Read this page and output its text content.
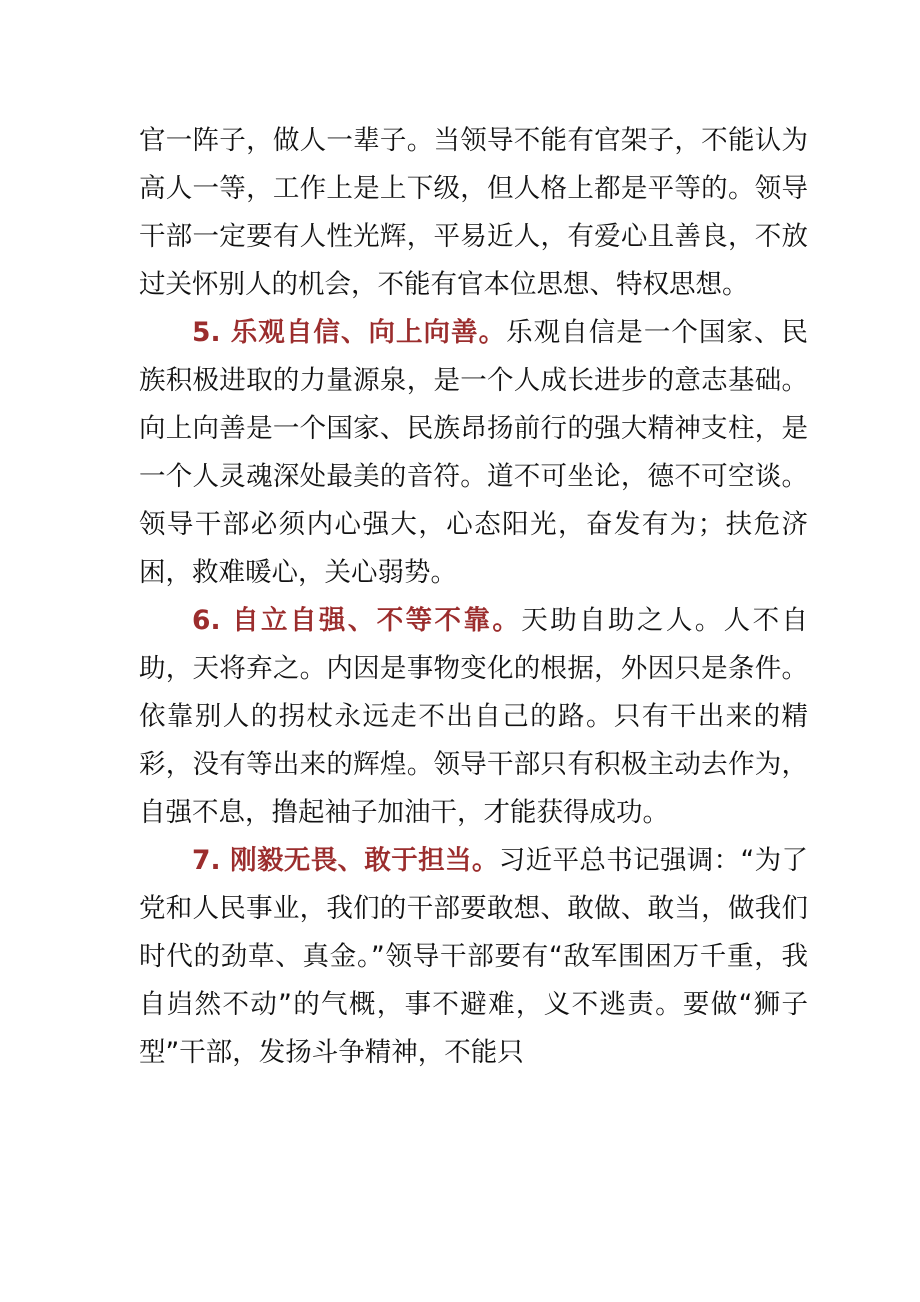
官一阵子，做人一辈子。当领导不能有官架子，不能认为高人一等，工作上是上下级，但人格上都是平等的。领导干部一定要有人性光辉，平易近人，有爱心且善良，不放过关怀别人的机会，不能有官本位思想、特权思想。

5. 乐观自信、向上向善。乐观自信是一个国家、民族积极进取的力量源泉，是一个人成长进步的意志基础。向上向善是一个国家、民族昂扬前行的强大精神支柱，是一个人灵魂深处最美的音符。道不可坐论，德不可空谈。领导干部必须内心强大，心态阳光，奋发有为；扶危济困，救难暖心，关心弱势。

6. 自立自强、不等不靠。天助自助之人。人不自助，天将弃之。内因是事物变化的根据，外因只是条件。依靠别人的拐杖永远走不出自己的路。只有干出来的精彩，没有等出来的辉煌。领导干部只有积极主动去作为，自强不息，撸起袖子加油干，才能获得成功。

7. 刚毅无畏、敢于担当。习近平总书记强调：“为了党和人民事业，我们的干部要敢想、敢做、敢当，做我们时代的劲草、真金。”领导干部要有“敌军围困万千重，我自岿然不动”的气概，事不避难，义不逃责。要做“狮子型”干部，发扬斗争精神，不能只
